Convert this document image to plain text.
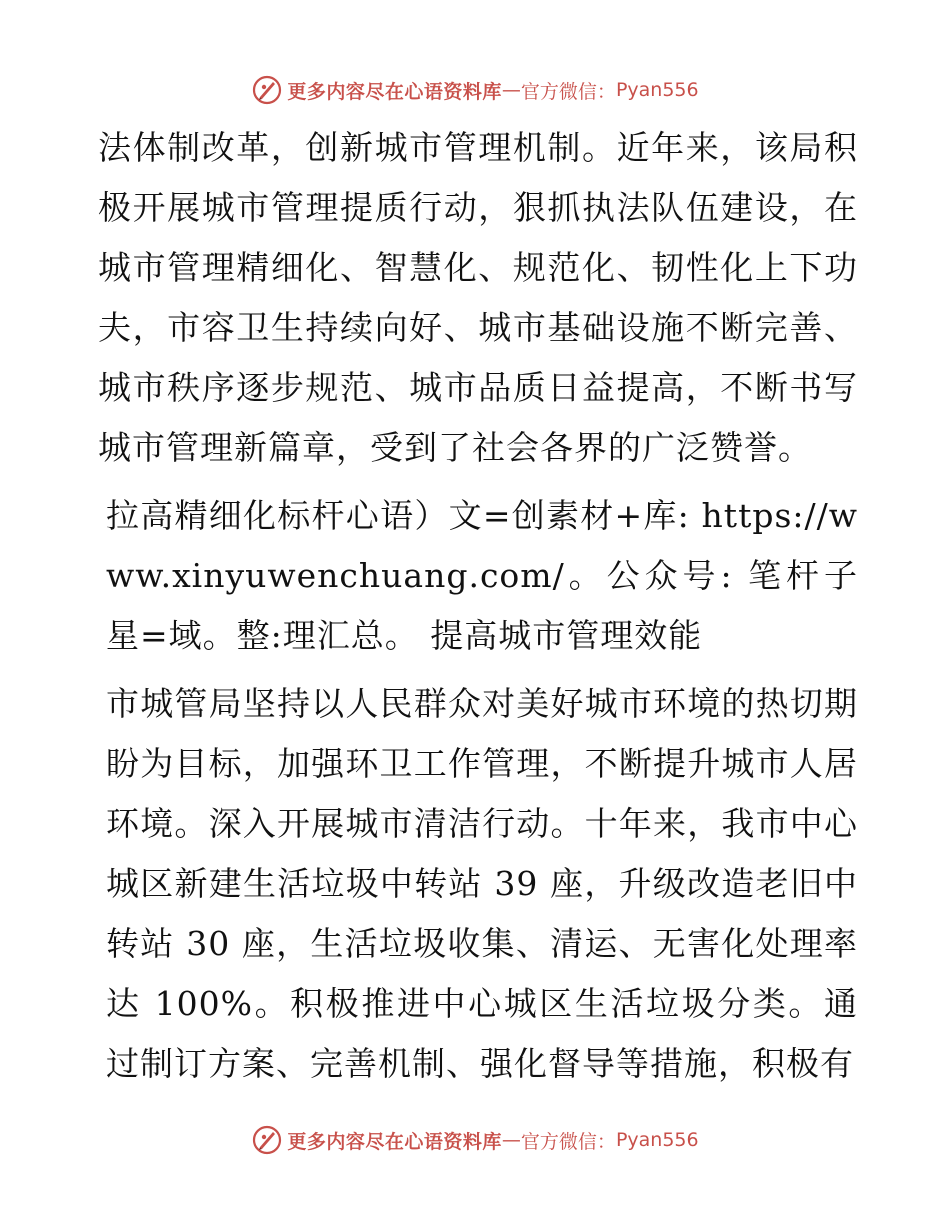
更多内容尽在心语资料库 — 官方微信： Pyan556

法体制改革，创新城市管理机制。近年来，该局积极开展城市管理提质行动，狠抓执法队伍建设，在城市管理精细化、智慧化、规范化、韧性化上下功夫，市容卫生持续向好、城市基础设施不断完善、城市秩序逐步规范、城市品质日益提高，不断书写城市管理新篇章，受到了社会各界的广泛赞誉。

拉高精细化标杆心语）文=创素材+库: https://www.xinyuwenchuang.com/。公众号: 笔杆子星=域。整:理汇总。 提高城市管理效能

市城管局坚持以人民群众对美好城市环境的热切期盼为目标，加强环卫工作管理，不断提升城市人居环境。深入开展城市清洁行动。十年来，我市中心城区新建生活垃圾中转站 39 座，升级改造老旧中转站 30 座，生活垃圾收集、清运、无害化处理率达 100%。积极推进中心城区生活垃圾分类。通过制订方案、完善机制、强化督导等措施，积极有

更多内容尽在心语资料库 — 官方微信： Pyan556
